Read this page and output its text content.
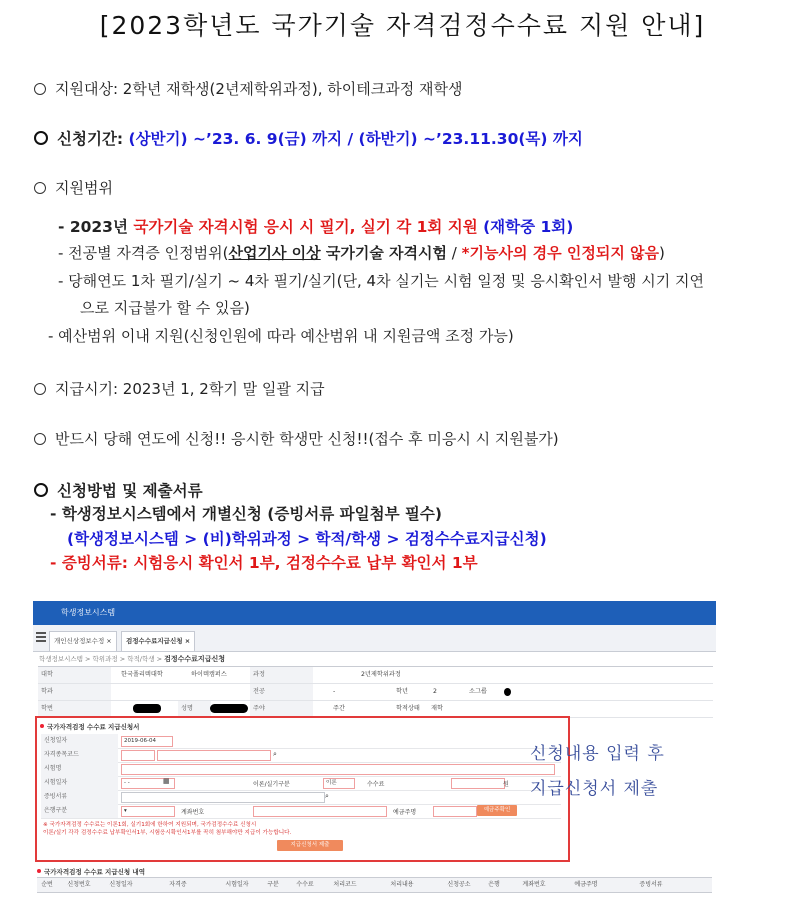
[2023학년도 국가기술 자격검정수수료 지원 안내]
지원대상: 2학년 재학생(2년제학위과정), 하이테크과정 재학생
신청기간: (상반기) ~’23. 6. 9(금) 까지 / (하반기) ~’23.11.30(목) 까지
지원범위
- 2023년 국가기술 자격시험 응시 시 필기, 실기 각 1회 지원 (재학중 1회)
- 전공별 자격증 인정범위(산업기사 이상 국가기술 자격시험 / *기능사의 경우 인정되지 않음)
- 당해연도 1차 필기/실기 ~ 4차 필기/실기(단, 4차 실기는 시험 일정 및 응시확인서 발행 시기 지연
으로 지급불가 할 수 있음)
- 예산범위 이내 지원(신청인원에 따라 예산범위 내 지원금액 조정 가능)
지급시기: 2023년 1, 2학기 말 일괄 지급
반드시 당해 연도에 신청!! 응시한 학생만 신청!!(접수 후 미응시 시 지원불가)
신청방법 및 제출서류
- 학생정보시스템에서 개별신청 (증빙서류 파일첨부 필수)
(학생정보시스템 > (비)학위과정 > 학적/학생 > 검정수수료지급신청)
- 증빙서류: 시험응시 확인서 1부, 검정수수료 납부 확인서 1부
학생정보시스템
개인신상정보수정 ×	검정수수료지급신청 ×
학생정보시스템 > 학위과정 > 학적/학생 > 검정수수료지급신청
대학	한국폴리텍대학	하이텍캠퍼스	과정	2년제학위과정
학과	전공	-	학년	2	소그룹
학번	성명	주야	주간	학적상태	재학
국가자격검정 수수료 지급신청서
신청일자	2019-06-04
자격종목코드	⌕
시험명
시험일자	- -	▦	이론/실기구분	이론	수수료	원
증빙서류	⌕
은행구분	▾	계좌번호	예금주명	예금주확인
※ 국가자격검정 수수료는 이론1회, 실기1회에 한하여 지원되며, 국가검정수수료 신청시
이론/실기 각각 검정수수료 납부확인서1부, 시험응시확인서1부를 꼭히 첨부해야만 지급이 가능합니다.
지급신청서 제출
신청내용 입력 후
지급신청서 제출
국가자격검정 수수료 지급신청 내역
순번	신청번호	신청일자	자격증	시험일자	구분	수수료	처리코드	처리내용	신청공소	은행	계좌번호	예금주명	증빙서류
